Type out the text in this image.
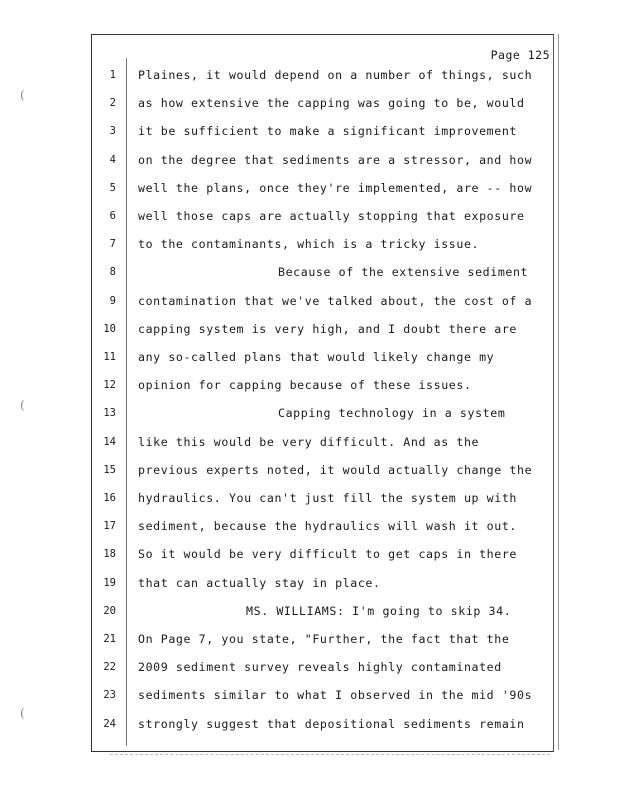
(
(
(
Page 125
1 Plaines, it would depend on a number of things, such
2 as how extensive the capping was going to be, would
3 it be sufficient to make a significant improvement
4 on the degree that sediments are a stressor, and how
5 well the plans, once they're implemented, are -- how
6 well those caps are actually stopping that exposure
7 to the contaminants, which is a tricky issue.
8	Because of the extensive sediment
9 contamination that we've talked about, the cost of a
10 capping system is very high, and I doubt there are
11 any so-called plans that would likely change my
12 opinion for capping because of these issues.
13	Capping technology in a system
14 like this would be very difficult. And as the
15 previous experts noted, it would actually change the
16 hydraulics. You can't just fill the system up with
17 sediment, because the hydraulics will wash it out.
18 So it would be very difficult to get caps in there
19 that can actually stay in place.
20	MS. WILLIAMS: I'm going to skip 34.
21 On Page 7, you state, "Further, the fact that the
22 2009 sediment survey reveals highly contaminated
23 sediments similar to what I observed in the mid '90s
24 strongly suggest that depositional sediments remain
